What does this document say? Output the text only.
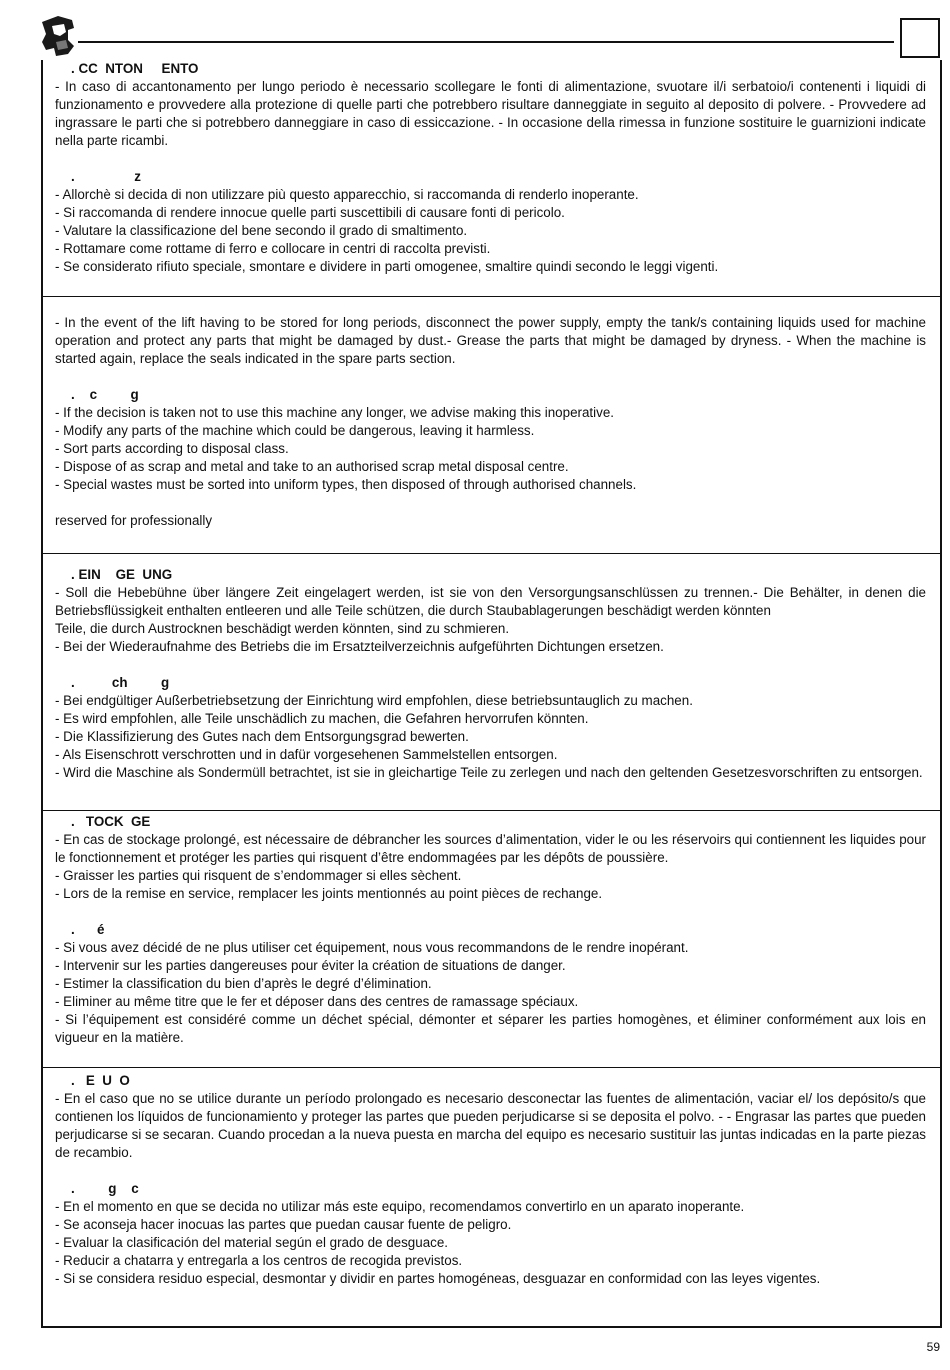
. CC  NTON     ENTO

- In caso di accantonamento per lungo periodo è necessario scollegare le fonti di alimentazione, svuotare il/i serbatoio/i contenenti i liquidi di funzionamento e provvedere alla protezione di quelle parti che potrebbero risultare danneggiate in seguito al deposito di polvere. - Provvedere ad ingrassare le parti che si potrebbero danneggiare in caso di essiccazione. - In occasione della rimessa in funzione sostituire le guarnizioni indicate nella parte ricambi.

.                z

- Allorchè si decida di non utilizzare più questo apparecchio, si raccomanda di renderlo inoperante.

- Si raccomanda di rendere innocue quelle parti suscettibili di causare fonti di pericolo.

- Valutare la classificazione del bene secondo il grado di smaltimento.

- Rottamare come rottame di ferro e collocare in centri di raccolta previsti.

- Se considerato rifiuto speciale, smontare e dividere in parti omogenee, smaltire quindi secondo le leggi vigenti.

- In the event of the lift having to be stored for long periods, disconnect the power supply, empty the tank/s containing liquids used for machine operation and protect any parts that might be damaged by dust.- Grease the parts that might be damaged by dryness. - When the machine is started again, replace the seals indicated in the spare parts section.

.    c         g

- If the decision is taken not to use this machine any longer, we advise making this inoperative.

- Modify any parts of the machine which could be dangerous, leaving it harmless.

- Sort parts according to disposal class.

- Dispose of as scrap and metal and take to an authorised scrap metal disposal centre.

- Special wastes must be sorted into uniform types, then disposed of through authorised channels.

reserved for professionally

. EIN    GE  UNG

- Soll die Hebebühne über längere Zeit eingelagert werden, ist sie von den Versorgungsanschlüssen zu trennen.- Die Behälter, in denen die Betriebsflüssigkeit enthalten entleeren und alle Teile schützen, die durch Staubablagerungen beschädigt werden könnten

Teile, die durch Austrocknen beschädigt werden könnten, sind zu schmieren.

- Bei der Wiederaufnahme des Betriebs die im Ersatzteilverzeichnis aufgeführten Dichtungen ersetzen.

.          ch         g

- Bei endgültiger Außerbetriebsetzung der Einrichtung wird empfohlen, diese betriebsuntauglich zu machen.

- Es wird empfohlen, alle Teile unschädlich zu machen, die Gefahren hervorrufen könnten.

- Die Klassifizierung des Gutes nach dem Entsorgungsgrad bewerten.

- Als Eisenschrott verschrotten und in dafür vorgesehenen Sammelstellen entsorgen.

- Wird die Maschine als Sondermüll betrachtet, ist sie in gleichartige Teile zu zerlegen und nach den geltenden Gesetzesvorschriften zu entsorgen.

.   TOCK  GE

- En cas de stockage prolongé, est nécessaire de débrancher les sources d’alimentation, vider le ou les réservoirs qui contiennent les liquides pour le fonctionnement et protéger les parties qui risquent d’être endommagées par les dépôts de poussière.

- Graisser les parties qui risquent de s’endommager si elles sèchent.

- Lors de la remise en service, remplacer les joints mentionnés au point pièces de rechange.

.      é

- Si vous avez décidé de ne plus utiliser cet équipement, nous vous recommandons de le rendre inopérant.

- Intervenir sur les parties dangereuses pour éviter la création de situations de danger.

- Estimer la classification du bien d’après le degré d’élimination.

- Eliminer au même titre que le fer et déposer dans des centres de ramassage spéciaux.

- Si l’équipement est considéré comme un déchet spécial, démonter et séparer les parties homogènes, et éliminer conformément aux lois en vigueur en la matière.

.   E  U  O

- En el caso que no se utilice durante un período prolongado es necesario desconectar las fuentes de alimentación, vaciar el/ los depósito/s que contienen los líquidos de funcionamiento y proteger las partes que pueden perjudicarse si se deposita el polvo. - - Engrasar las partes que pueden perjudicarse si se secaran. Cuando procedan a la nueva puesta en marcha del equipo es necesario sustituir las juntas indicadas en la parte piezas de recambio.

.         g    c

- En el momento en que se decida no utilizar más este equipo, recomendamos convertirlo en un aparato inoperante.

- Se aconseja hacer inocuas las partes que puedan causar fuente de peligro.

- Evaluar la clasificación del material según el grado de desguace.

- Reducir a chatarra y entregarla a los centros de recogida previstos.

- Si se considera residuo especial, desmontar y dividir en partes homogéneas, desguazar en conformidad con las leyes vigentes.

59
